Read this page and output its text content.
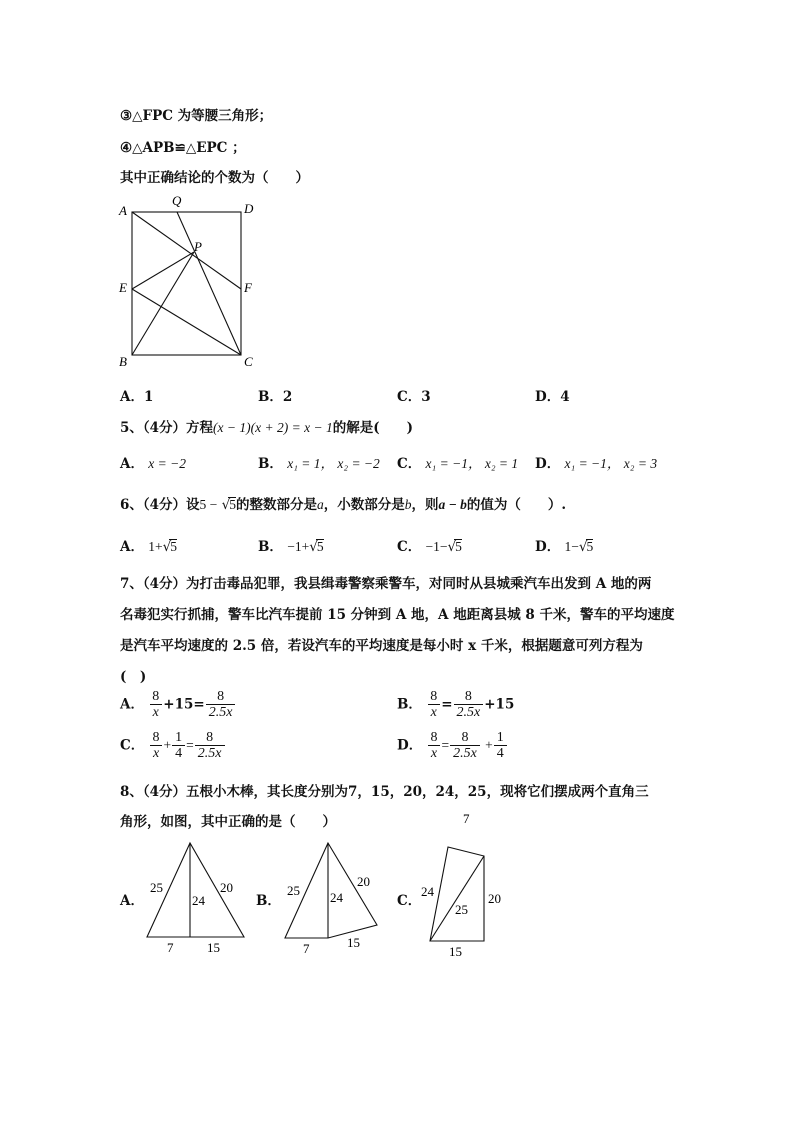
③△FPC 为等腰三角形；
④△APB≌△EPC ；
其中正确结论的个数为（　　）
A
Q
D
P
E	F
B	C
A．1	B．2	C．3	D．4
5、（4分）方程(x − 1)(x + 2) = x − 1的解是(　　)
A． x = −2	B． x₁ = 1， x₂ = −2 C． x₁ = −1， x₂ = 1 D． x₁ = −1， x₂ = 3
6、（4分）设5 − √5的整数部分是a，小数部分是b，则a − b的值为（　　）.
A． 1+√5	B． −1+√5	C． −1−√5	D． 1−√5
7、（4分）为打击毒品犯罪，我县缉毒警察乘警车，对同时从县城乘汽车出发到 A 地的两
名毒犯实行抓捕，警车比汽车提前 15 分钟到 A 地，A 地距离县城 8 千米，警车的平均速度
是汽车平均速度的 2.5 倍，若设汽车的平均速度是每小时 x 千米，根据题意可列方程为
(　)
A． $\frac{8}{x} +15= \frac{8}{2.5x}$	B． $\frac{8}{x} = \frac{8}{2.5x} +15$
C． $\frac{8}{x} + \frac{1}{4} = \frac{8}{2.5x}$	D． $\frac{8}{x} = \frac{8}{2.5x} + \frac{1}{4}$
8、（4分）五根小木棒，其长度分别为7，15，20，24，25，现将它们摆成两个直角三
角形，如图，其中正确的是（　　）
A．
25
24
20
7	15
B．
25 24
20
7	15
C．
7
24
25
20
15
